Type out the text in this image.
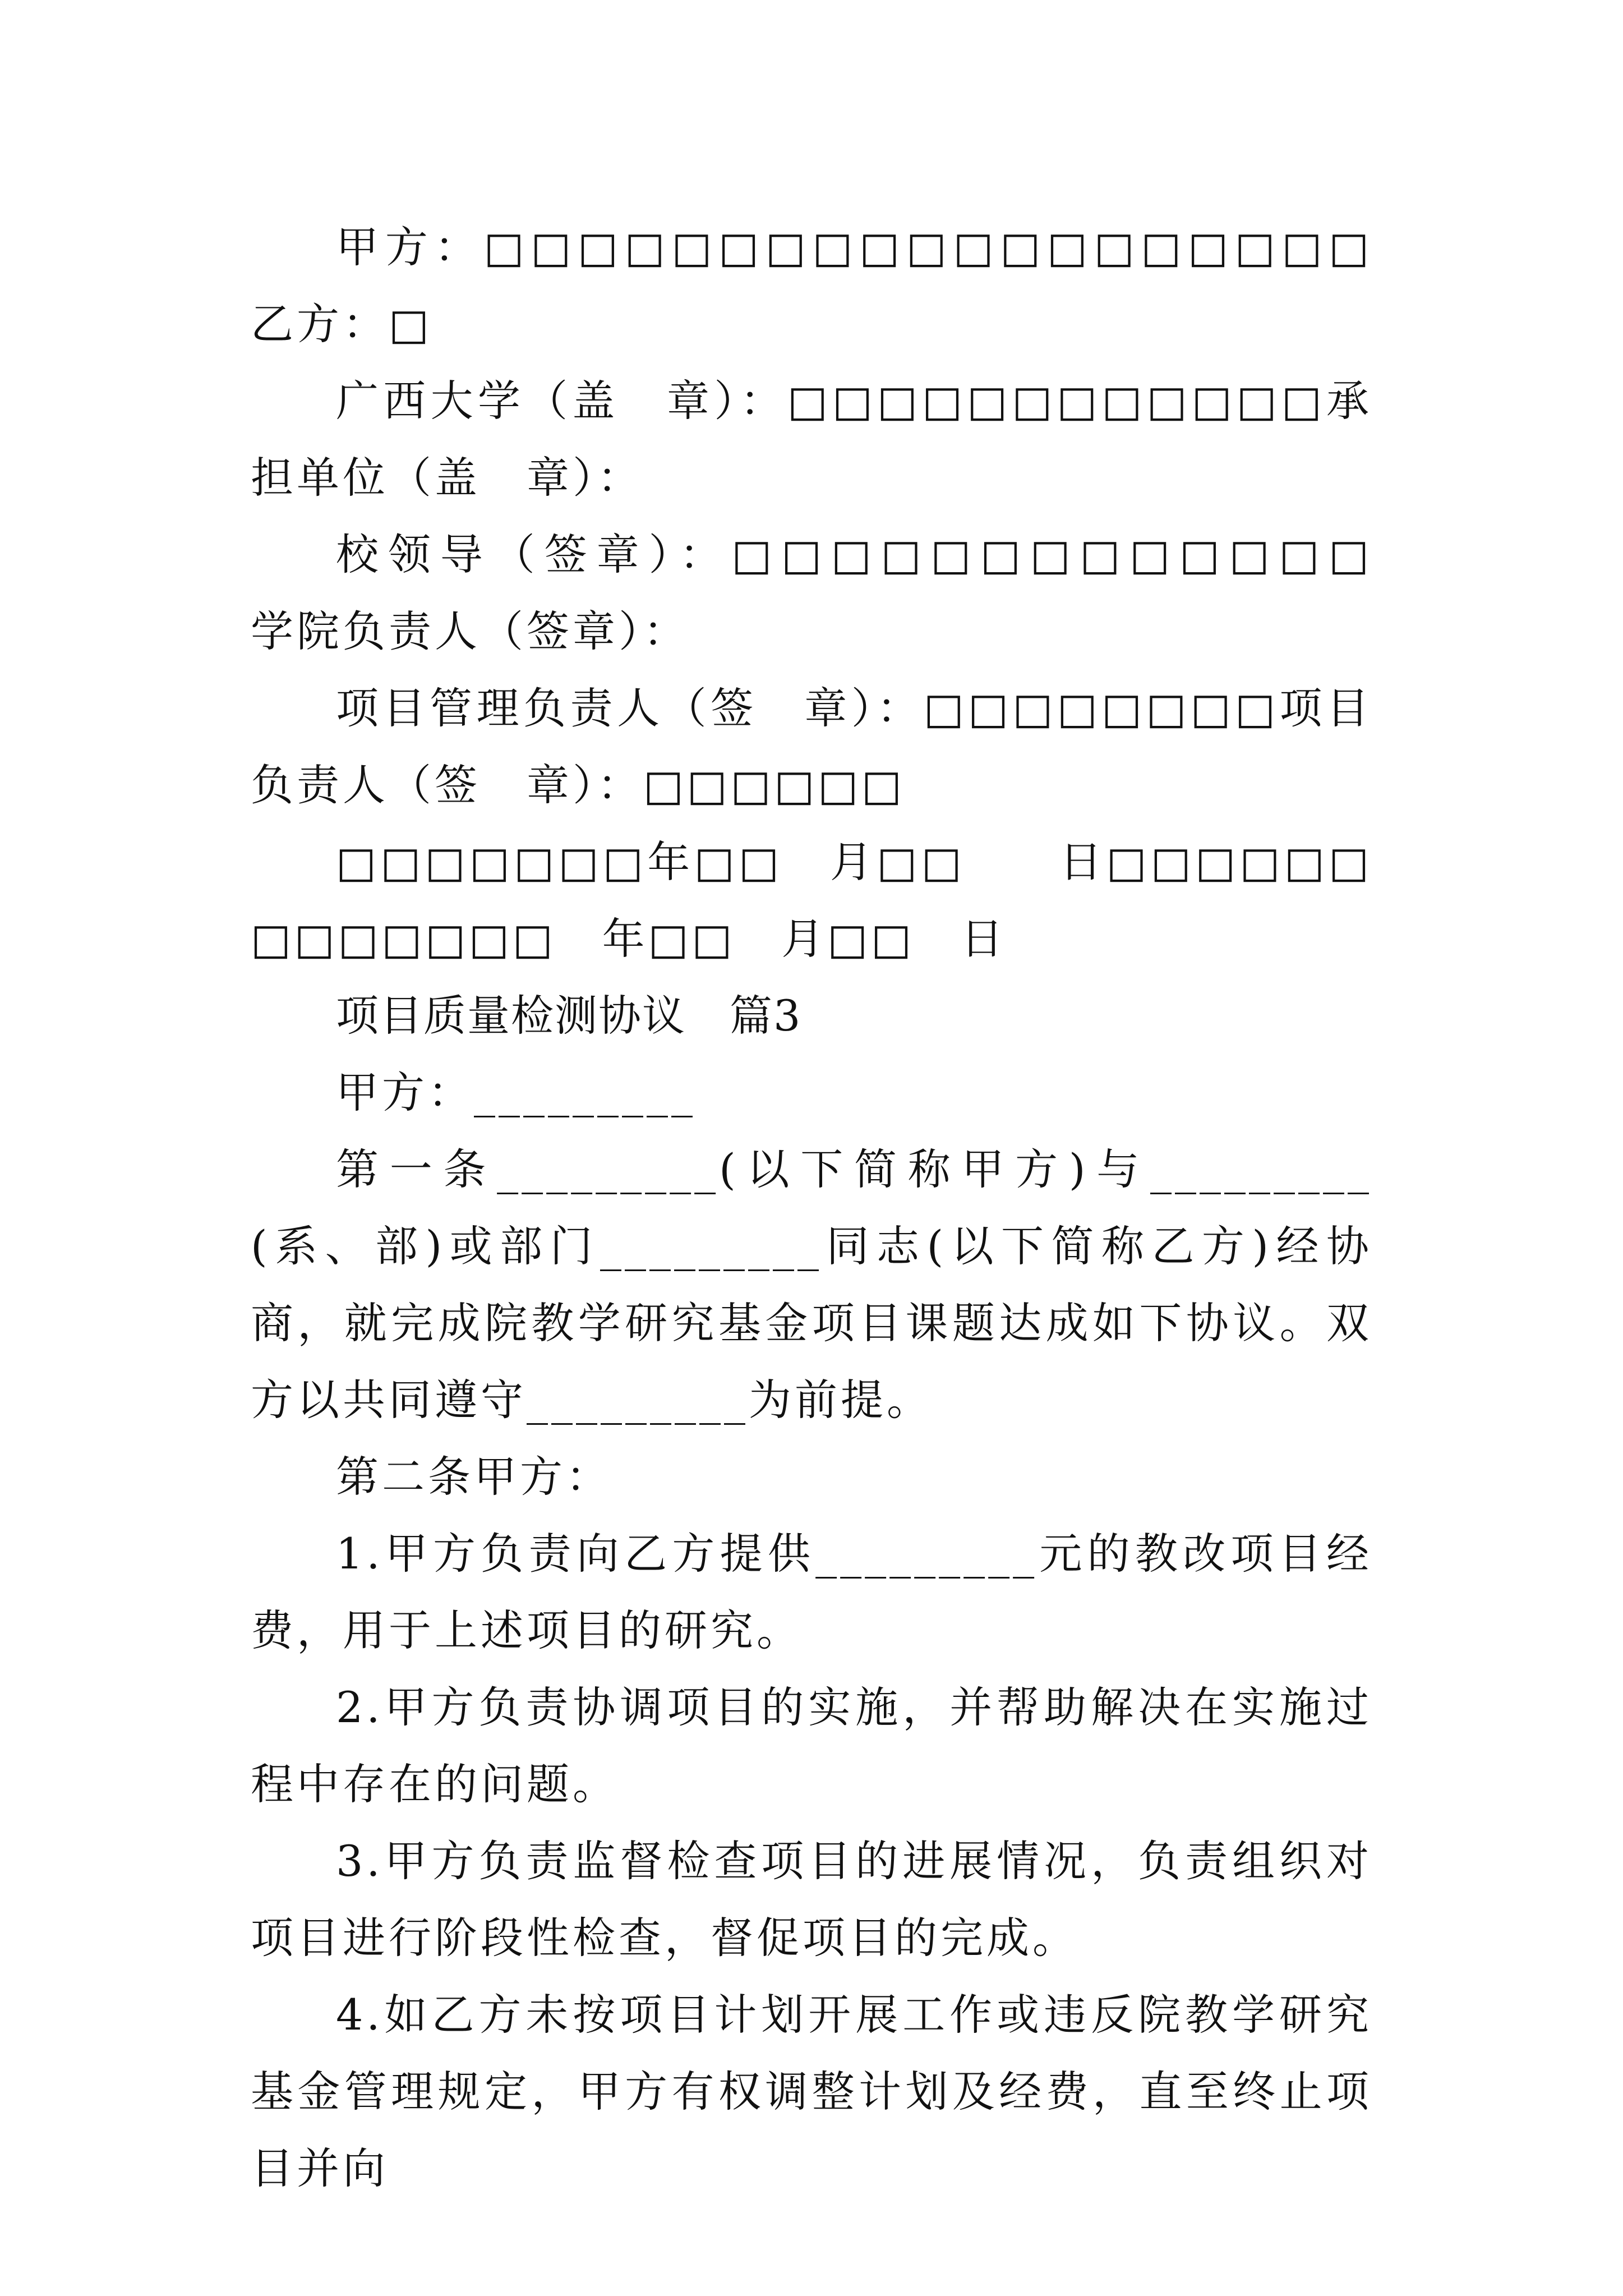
甲方：□□□□□□□□□□□□□□□□□□□　　乙方：□

广西大学（盖　章）：□□□□□□□□□□□□承担单位（盖　章）：

校领导（签章）：□□□□□□□□□□□□□　　学院负责人（签章）：

项目管理负责人（签　章）：□□□□□□□□项目负责人（签　章）：□□□□□□

□□□□□□□年□□　月□□　　日□□□□□□□□□□□□□　年□□　月□□　日

项目质量检测协议　篇3

甲方：_________

第一条_________(以下简称甲方)与_________(系、部)或部门_________同志(以下简称乙方)经协商，就完成院教学研究基金项目课题达成如下协议。双方以共同遵守_________为前提。

第二条甲方：

1.甲方负责向乙方提供_________元的教改项目经费，用于上述项目的研究。

2.甲方负责协调项目的实施，并帮助解决在实施过程中存在的问题。

3.甲方负责监督检查项目的进展情况，负责组织对项目进行阶段性检查，督促项目的完成。

4.如乙方未按项目计划开展工作或违反院教学研究基金管理规定，甲方有权调整计划及经费，直至终止项目并向
